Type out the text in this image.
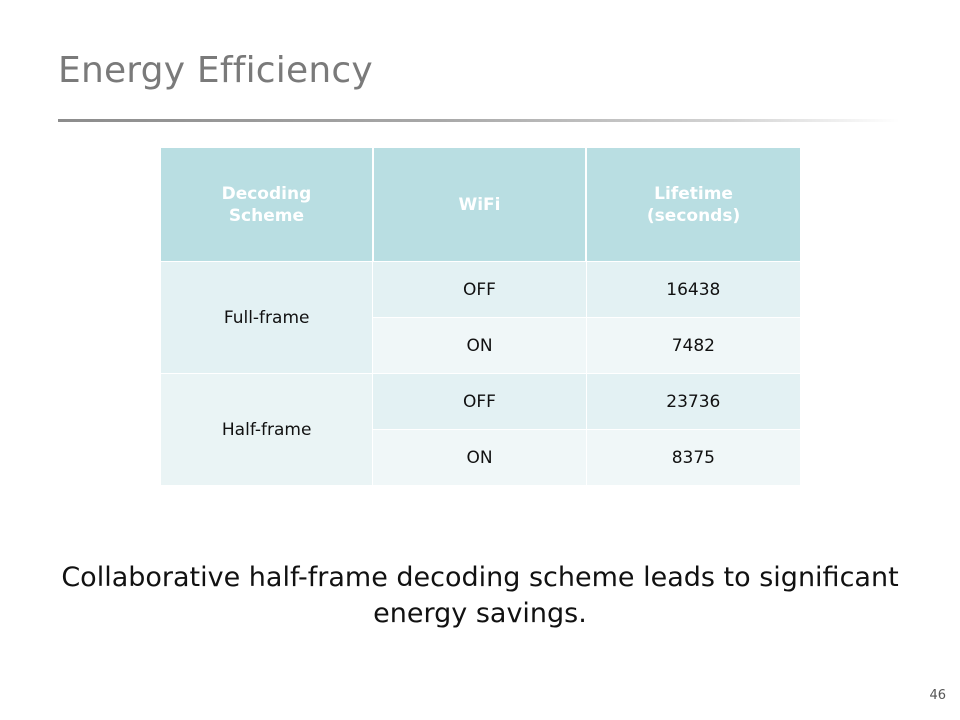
Energy Efficiency
Decoding Scheme	WiFi	Lifetime (seconds)
Full-frame	OFF	16438
	ON	7482
Half-frame	OFF	23736
	ON	8375
Collaborative half-frame decoding scheme leads to significant energy savings.
46
